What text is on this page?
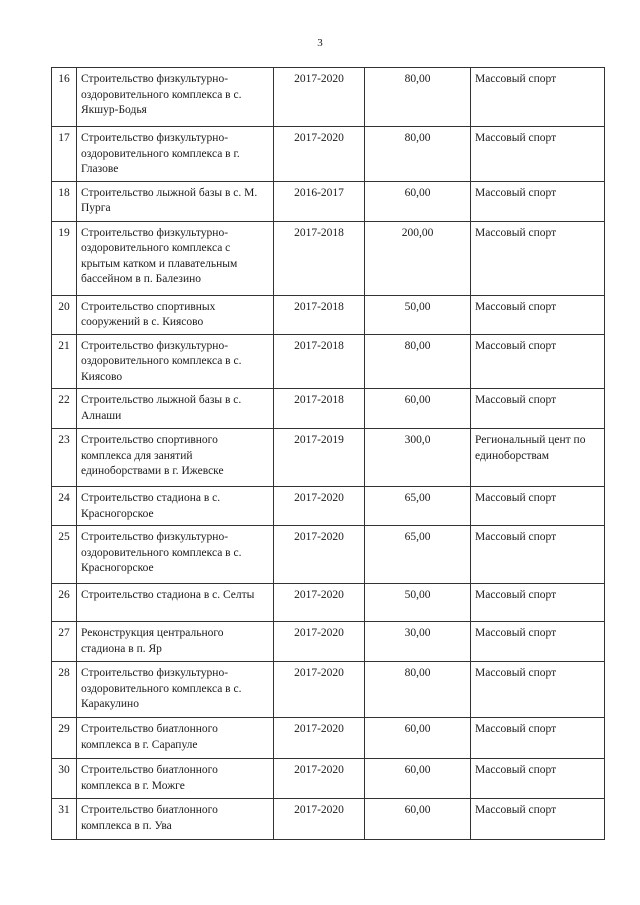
3
16	Строительство физкультурно-оздоровительного комплекса в с. Якшур-Бодья	2017-2020	80,00	Массовый спорт
17	Строительство физкультурно-оздоровительного комплекса в г. Глазове	2017-2020	80,00	Массовый спорт
18	Строительство лыжной базы в с. М. Пурга	2016-2017	60,00	Массовый спорт
19	Строительство физкультурно-оздоровительного комплекса с крытым катком и плавательным бассейном в п. Балезино	2017-2018	200,00	Массовый спорт
20	Строительство спортивных сооружений в с. Киясово	2017-2018	50,00	Массовый спорт
21	Строительство физкультурно-оздоровительного комплекса в с. Киясово	2017-2018	80,00	Массовый спорт
22	Строительство лыжной базы в с. Алнаши	2017-2018	60,00	Массовый спорт
23	Строительство спортивного комплекса для занятий единоборствами в г. Ижевске	2017-2019	300,0	Региональный цент по единоборствам
24	Строительство стадиона в с. Красногорское	2017-2020	65,00	Массовый спорт
25	Строительство физкультурно-оздоровительного комплекса в с. Красногорское	2017-2020	65,00	Массовый спорт
26	Строительство стадиона в с. Селты	2017-2020	50,00	Массовый спорт
27	Реконструкция центрального стадиона в п. Яр	2017-2020	30,00	Массовый спорт
28	Строительство физкультурно-оздоровительного комплекса в с. Каракулино	2017-2020	80,00	Массовый спорт
29	Строительство биатлонного комплекса в г. Сарапуле	2017-2020	60,00	Массовый спорт
30	Строительство биатлонного комплекса в г. Можге	2017-2020	60,00	Массовый спорт
31	Строительство биатлонного комплекса в п. Ува	2017-2020	60,00	Массовый спорт
